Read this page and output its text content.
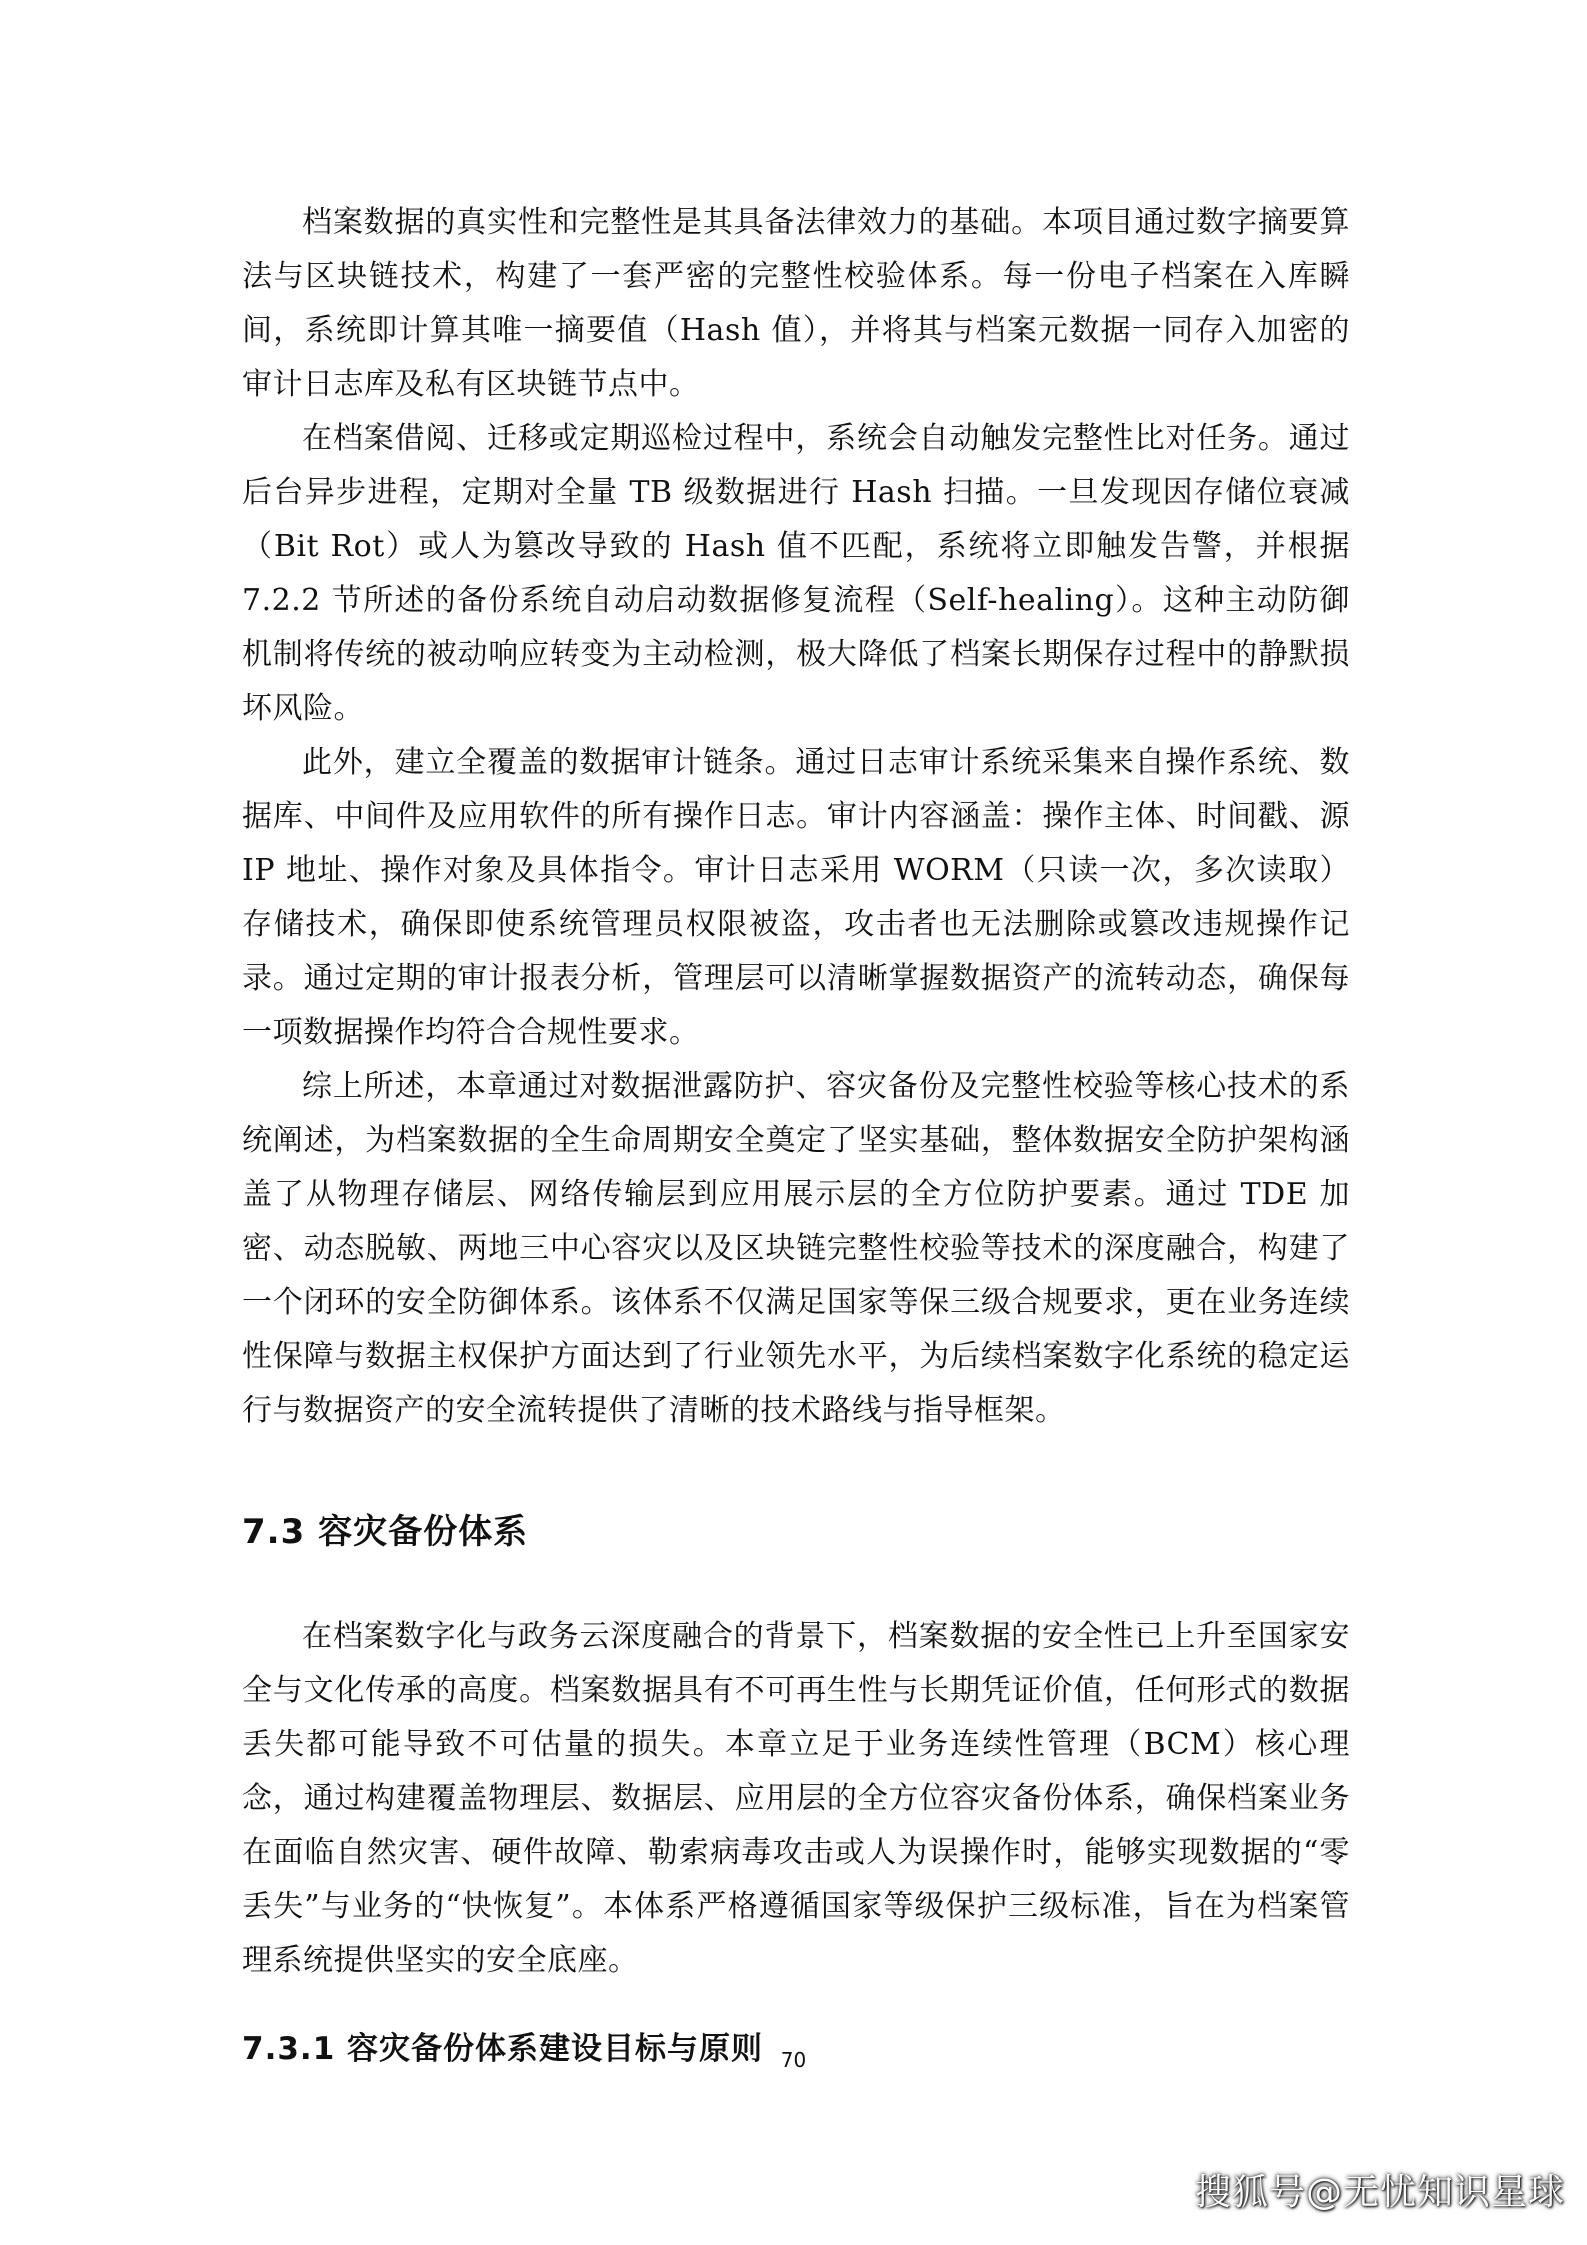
档案数据的真实性和完整性是其具备法律效力的基础。本项目通过数字摘要算法与区块链技术，构建了一套严密的完整性校验体系。每一份电子档案在入库瞬间，系统即计算其唯一摘要值（Hash 值），并将其与档案元数据一同存入加密的审计日志库及私有区块链节点中。

在档案借阅、迁移或定期巡检过程中，系统会自动触发完整性比对任务。通过后台异步进程，定期对全量 TB 级数据进行 Hash 扫描。一旦发现因存储位衰减（Bit Rot）或人为篡改导致的 Hash 值不匹配，系统将立即触发告警，并根据 7.2.2 节所述的备份系统自动启动数据修复流程（Self-healing）。这种主动防御机制将传统的被动响应转变为主动检测，极大降低了档案长期保存过程中的静默损坏风险。

此外，建立全覆盖的数据审计链条。通过日志审计系统采集来自操作系统、数据库、中间件及应用软件的所有操作日志。审计内容涵盖：操作主体、时间戳、源 IP 地址、操作对象及具体指令。审计日志采用 WORM（只读一次，多次读取）存储技术，确保即使系统管理员权限被盗，攻击者也无法删除或篡改违规操作记录。通过定期的审计报表分析，管理层可以清晰掌握数据资产的流转动态，确保每一项数据操作均符合合规性要求。

综上所述，本章通过对数据泄露防护、容灾备份及完整性校验等核心技术的系统阐述，为档案数据的全生命周期安全奠定了坚实基础，整体数据安全防护架构涵盖了从物理存储层、网络传输层到应用展示层的全方位防护要素。通过 TDE 加密、动态脱敏、两地三中心容灾以及区块链完整性校验等技术的深度融合，构建了一个闭环的安全防御体系。该体系不仅满足国家等保三级合规要求，更在业务连续性保障与数据主权保护方面达到了行业领先水平，为后续档案数字化系统的稳定运行与数据资产的安全流转提供了清晰的技术路线与指导框架。

7.3 容灾备份体系

在档案数字化与政务云深度融合的背景下，档案数据的安全性已上升至国家安全与文化传承的高度。档案数据具有不可再生性与长期凭证价值，任何形式的数据丢失都可能导致不可估量的损失。本章立足于业务连续性管理（BCM）核心理念，通过构建覆盖物理层、数据层、应用层的全方位容灾备份体系，确保档案业务在面临自然灾害、硬件故障、勒索病毒攻击或人为误操作时，能够实现数据的“零丢失”与业务的“快恢复”。本体系严格遵循国家等级保护三级标准，旨在为档案管理系统提供坚实的安全底座。

7.3.1 容灾备份体系建设目标与原则 70
搜狐号@无忧知识星球
